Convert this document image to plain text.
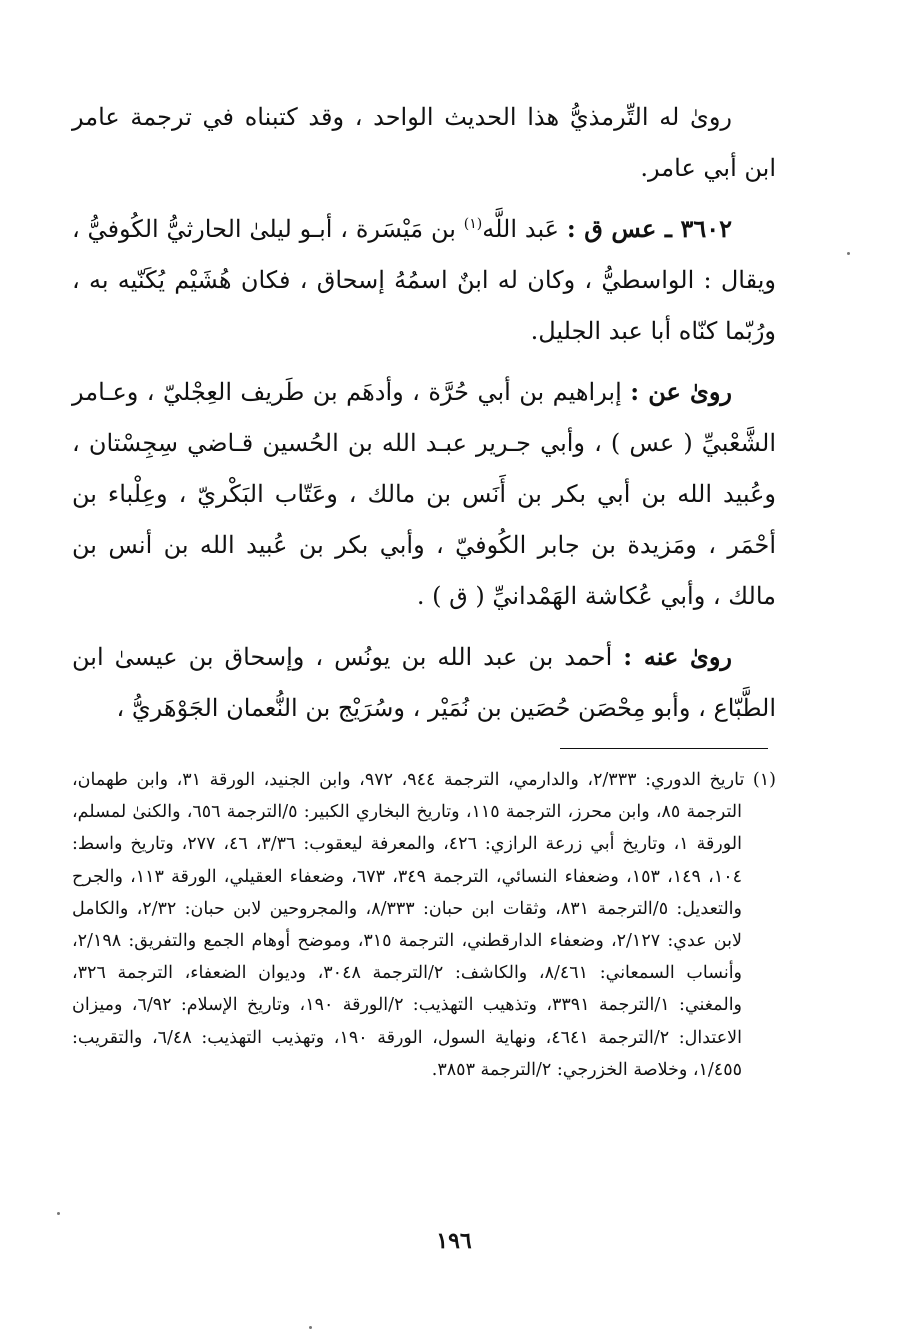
روىٰ له التِّرمذيُّ هذا الحديث الواحد ، وقد كتبناه في ترجمة عامر ابن أبي عامر.

٣٦٠٢ ـ عس ق : عَبد اللَّه$^{(١)}$ بن مَيْسَرة ، أبـو ليلىٰ الحارثيُّ الكُوفيُّ ، ويقال : الواسطيُّ ، وكان له ابنٌ اسمُهُ إسحاق ، فكان هُشَيْم يُكَنّيه به ، ورُبّما كنّاه أبا عبد الجليل.

روىٰ عن : إبراهيم بن أبي حُرَّة ، وأدهَم بن طَريف العِجْليّ ، وعـامر الشَّعْبيِّ ( عس ) ، وأبي جـرير عبـد الله بن الحُسين قـاضي سِجِسْتان ، وعُبيد الله بن أبي بكر بن أَنَس بن مالك ، وعَتّاب البَكْريّ ، وعِلْباء بن أحْمَر ، ومَزيدة بن جابر الكُوفيّ ، وأبي بكر بن عُبيد الله بن أنس بن مالك ، وأبي عُكاشة الهَمْدانيِّ ( ق ) .

روىٰ عنه : أحمد بن عبد الله بن يونُس ، وإسحاق بن عيسىٰ ابن الطَّبّاع ، وأبو مِحْصَن حُصَين بن نُمَيْر ، وسُرَيْج بن النُّعمان الجَوْهَريُّ ،

(١) تاريخ الدوري: ٢/٣٣٣، والدارمي، الترجمة ٩٤٤، ٩٧٢، وابن الجنيد، الورقة ٣١، وابن طهمان، الترجمة ٨٥، وابن محرز، الترجمة ١١٥، وتاريخ البخاري الكبير: ٥/الترجمة ٦٥٦، والكنىٰ لمسلم، الورقة ١، وتاريخ أبي زرعة الرازي: ٤٢٦، والمعرفة ليعقوب: ٣/٣٦، ٤٦، ٢٧٧، وتاريخ واسط: ١٠٤، ١٤٩، ١٥٣، وضعفاء النسائي، الترجمة ٣٤٩، ٦٧٣، وضعفاء العقيلي، الورقة ١١٣، والجرح والتعديل: ٥/الترجمة ٨٣١، وثقات ابن حبان: ٨/٣٣٣، والمجروحين لابن حبان: ٢/٣٢، والكامل لابن عدي: ٢/١٢٧، وضعفاء الدارقطني، الترجمة ٣١٥، وموضح أوهام الجمع والتفريق: ٢/١٩٨، وأنساب السمعاني: ٨/٤٦١، والكاشف: ٢/الترجمة ٣٠٤٨، وديوان الضعفاء، الترجمة ٣٢٦، والمغني: ١/الترجمة ٣٣٩١، وتذهيب التهذيب: ٢/الورقة ١٩٠، وتاريخ الإسلام: ٦/٩٢، وميزان الاعتدال: ٢/الترجمة ٤٦٤١، ونهاية السول، الورقة ١٩٠، وتهذيب التهذيب: ٦/٤٨، والتقريب: ١/٤٥٥، وخلاصة الخزرجي: ٢/الترجمة ٣٨٥٣.

١٩٦
